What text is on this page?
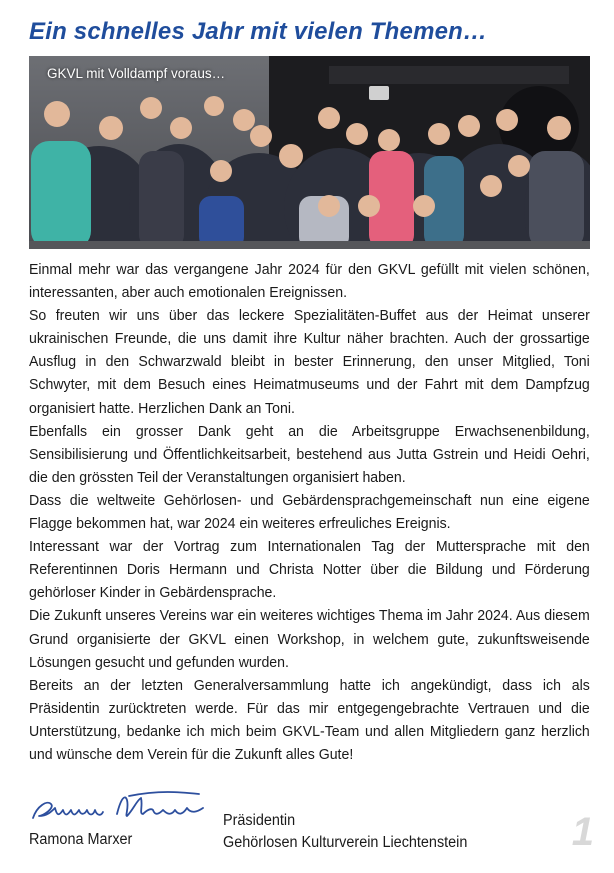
Ein schnelles Jahr mit vielen Themen…
GKVL mit Volldampf voraus…

Einmal mehr war das vergangene Jahr 2024 für den GKVL gefüllt mit vielen schönen, interessanten, aber auch emotionalen Ereignissen.

So freuten wir uns über das leckere Spezialitäten-Buffet aus der Heimat unserer ukrainischen Freunde, die uns damit ihre Kultur näher brachten. Auch der grossartige Ausflug in den Schwarzwald bleibt in bester Erinnerung, den unser Mitglied, Toni Schwyter, mit dem Besuch eines Heimatmuseums und der Fahrt mit dem Dampfzug organisiert hatte. Herzlichen Dank an Toni.

Ebenfalls ein grosser Dank geht an die Arbeitsgruppe Erwachsenenbildung, Sensibilisierung und Öffentlichkeitsarbeit, bestehend aus Jutta Gstrein und Heidi Oehri, die den grössten Teil der Veranstaltungen organisiert haben.

Dass die weltweite Gehörlosen- und Gebärdensprachgemeinschaft nun eine eigene Flagge bekommen hat, war 2024 ein weiteres erfreuliches Ereignis.

Interessant war der Vortrag zum Internationalen Tag der Muttersprache mit den Referentinnen Doris Hermann und Christa Notter über die Bildung und Förderung gehörloser Kinder in Gebärdensprache.

Die Zukunft unseres Vereins war ein weiteres wichtiges Thema im Jahr 2024. Aus diesem Grund organisierte der GKVL einen Workshop, in welchem gute, zukunftsweisende Lösungen gesucht und gefunden wurden.

Bereits an der letzten Generalversammlung hatte ich angekündigt, dass ich als Präsidentin zurücktreten werde. Für das mir entgegengebrachte Vertrauen und die Unterstützung, bedanke ich mich beim GKVL-Team und allen Mitgliedern ganz herzlich und wünsche dem Verein für die Zukunft alles Gute!

Ramona Marxer
Präsidentin
Gehörlosen Kulturverein Liechtenstein	1
